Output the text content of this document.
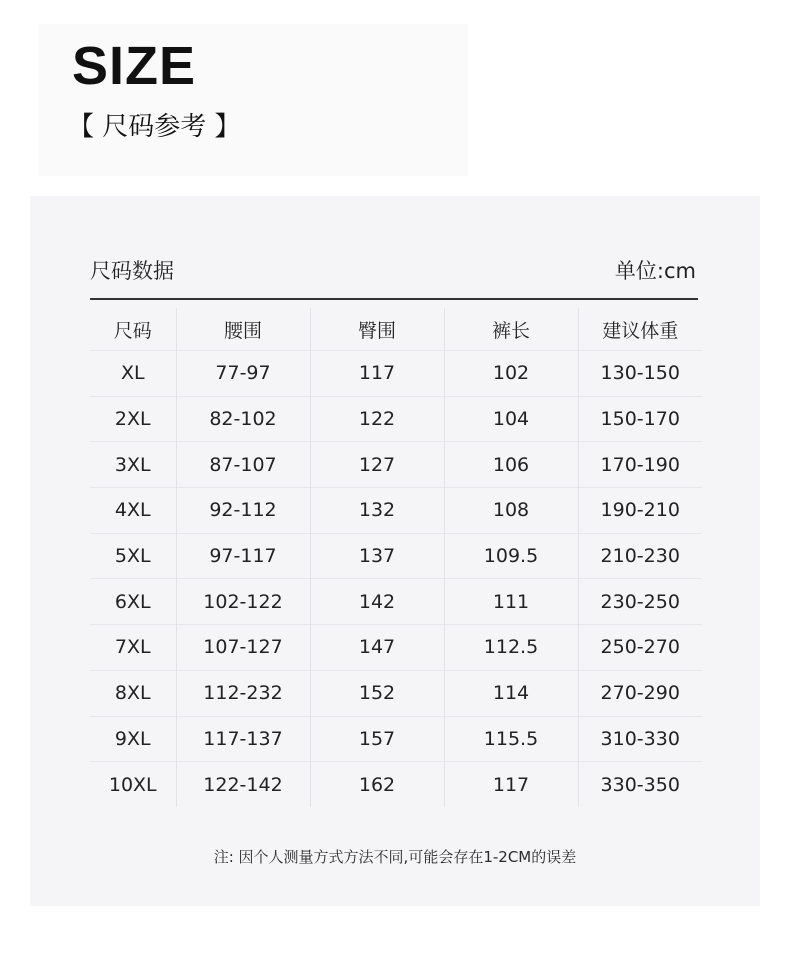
SIZE
【 尺码参考 】
尺码数据	单位:cm
尺码	腰围	臀围	裤长	建议体重
XL	77-97	117	102	130-150
2XL	82-102	122	104	150-170
3XL	87-107	127	106	170-190
4XL	92-112	132	108	190-210
5XL	97-117	137	109.5	210-230
6XL	102-122	142	111	230-250
7XL	107-127	147	112.5	250-270
8XL	112-232	152	114	270-290
9XL	117-137	157	115.5	310-330
10XL	122-142	162	117	330-350
注: 因个人测量方式方法不同,可能会存在1-2CM的误差
